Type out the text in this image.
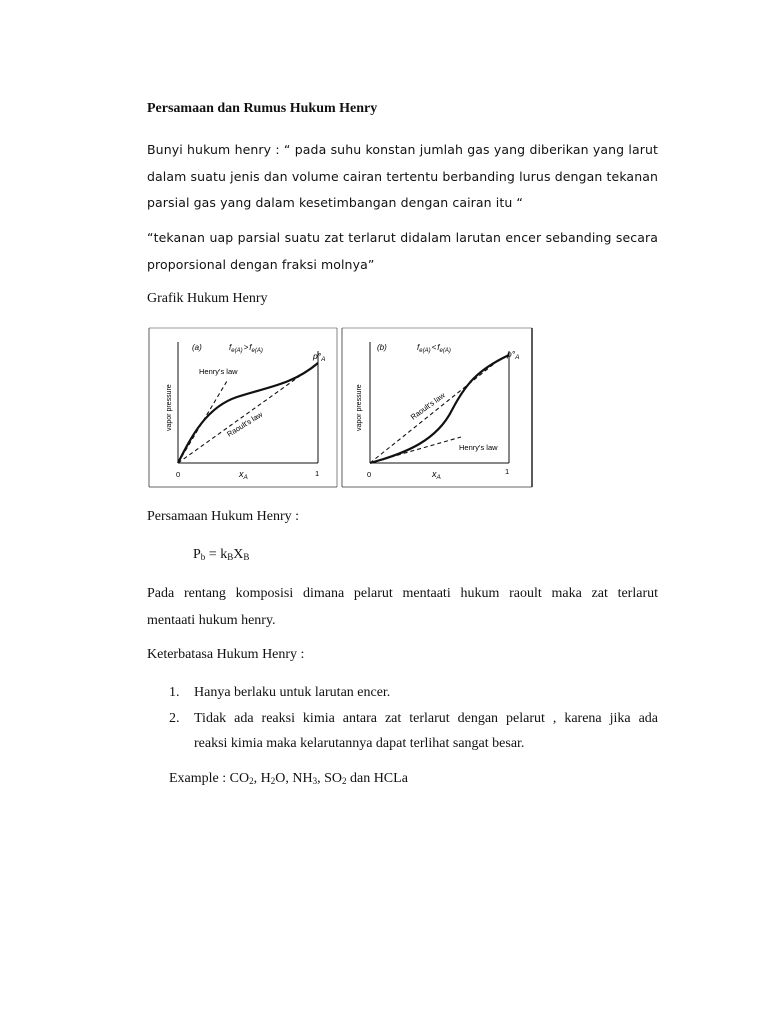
Persamaan dan Rumus Hukum Henry
Bunyi hukum henry : “ pada suhu konstan jumlah gas yang diberikan yang larut
dalam suatu jenis dan volume cairan tertentu berbanding lurus dengan tekanan
parsial gas yang dalam kesetimbangan dengan cairan itu “
“tekanan uap parsial suatu zat terlarut didalam larutan encer sebanding secara
proporsional dengan fraksi molnya”
Grafik Hukum Henry
(a)	$f_{e(A)}>f_{e(A)}$
Henry's law
Raoult's law
vapor pressure
0	1
$x_A$
$p^\circ_A$
(b)	$f_{e(A)}<f_{e(A)}$
Raoult's law
Henry's law
vapor pressure
0	1
$x_A$
$p^\circ_A$
Persamaan Hukum Henry :
$P_b = k_BX_B$
Pada rentang komposisi dimana pelarut mentaati hukum raoult maka zat terlarut
mentaati hukum henry.
Keterbatasa Hukum Henry :
1. Hanya berlaku untuk larutan encer.
2. Tidak ada reaksi kimia antara zat terlarut dengan pelarut , karena jika ada
reaksi kimia maka kelarutannya dapat terlihat sangat besar.
Example : $CO_2$, $H_2O$, $NH_3$, $SO_2$ dan HCLa
